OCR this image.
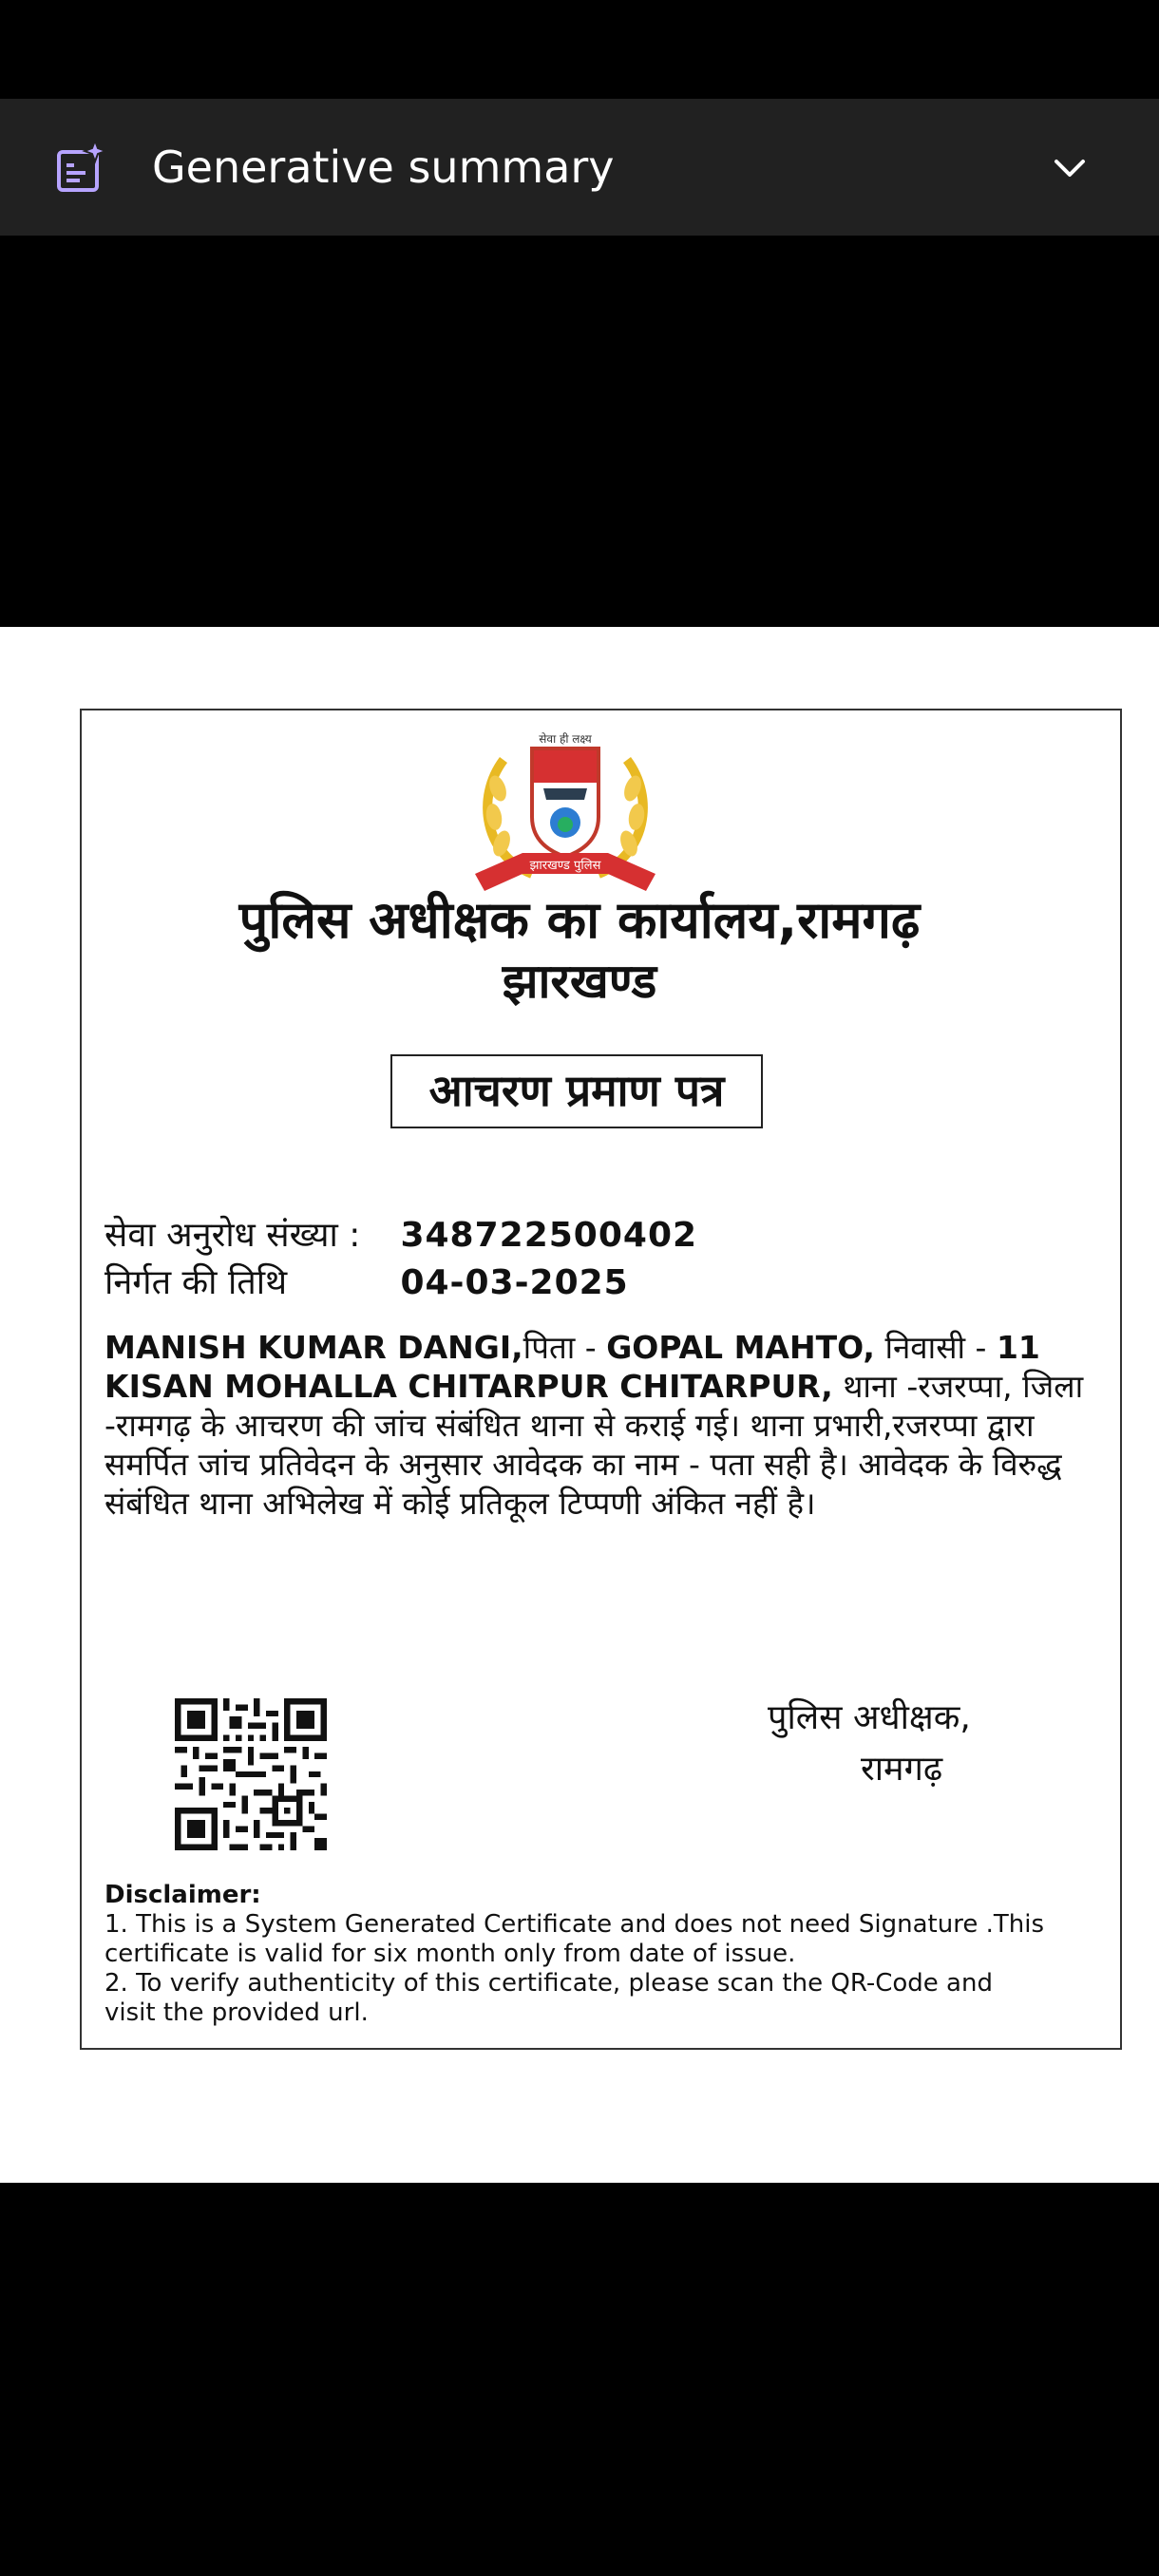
Generative summary
सेवा ही लक्ष्य
झारखण्ड पुलिस
पुलिस अधीक्षक का कार्यालय,रामगढ़
झारखण्ड
आचरण प्रमाण पत्र
सेवा अनुरोध संख्या : 348722500402
निर्गत की तिथि	04-03-2025
MANISH KUMAR DANGI,पिता - GOPAL MAHTO, निवासी - 11 KISAN MOHALLA CHITARPUR CHITARPUR, थाना -रजरप्पा, जिला -रामगढ़ के आचरण की जांच संबंधित थाना से कराई गई। थाना प्रभारी,रजरप्पा द्वारा समर्पित जांच प्रतिवेदन के अनुसार आवेदक का नाम - पता सही है। आवेदक के विरुद्ध संबंधित थाना अभिलेख में कोई प्रतिकूल टिप्पणी अंकित नहीं है।
पुलिस अधीक्षक,
रामगढ़
Disclaimer:
1. This is a System Generated Certificate and does not need Signature .This
certificate is valid for six month only from date of issue.
2. To verify authenticity of this certificate, please scan the QR-Code and
visit the provided url.
